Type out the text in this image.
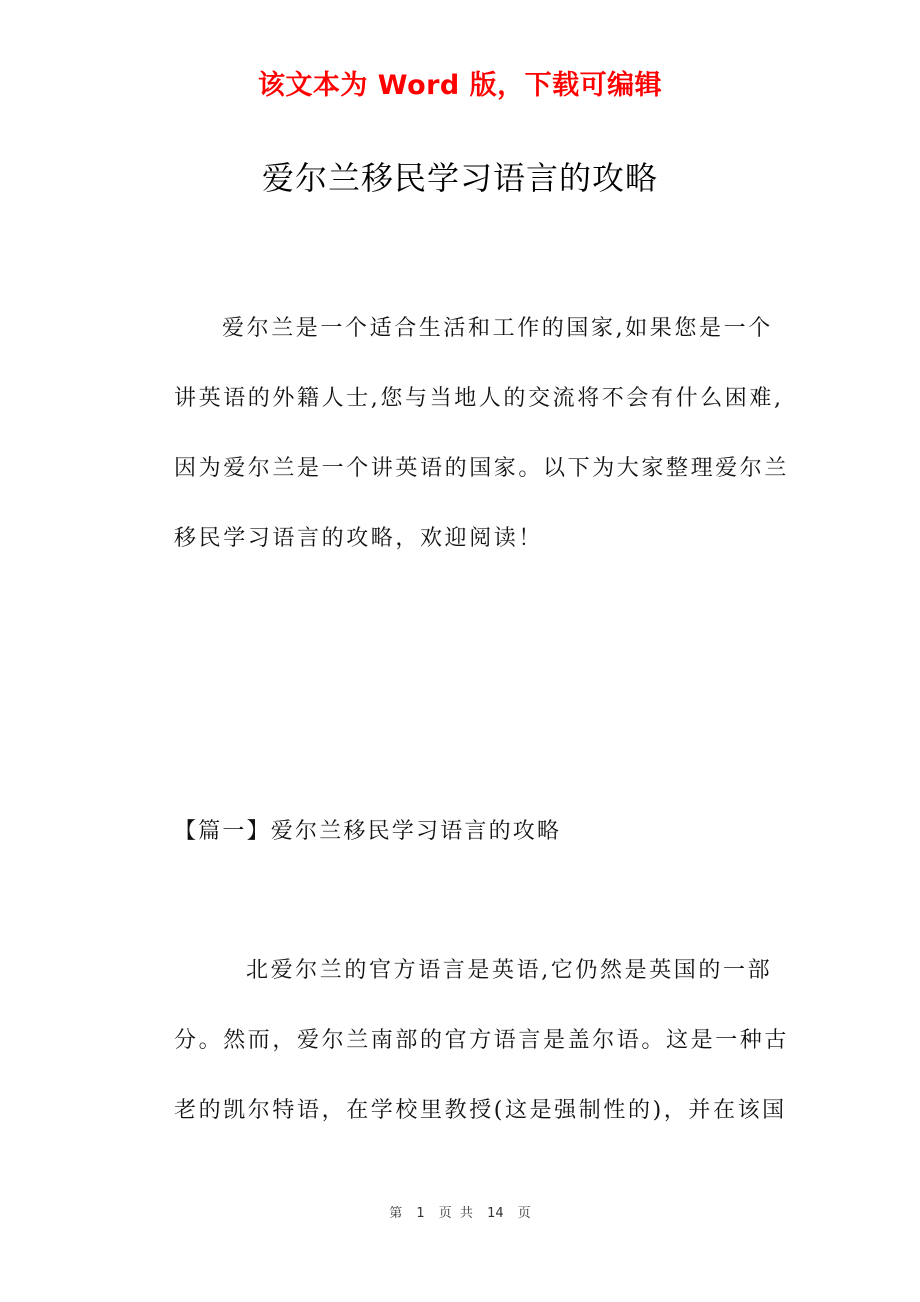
该文本为 Word 版，下载可编辑
爱尔兰移民学习语言的攻略
爱尔兰是一个适合生活和工作的国家,如果您是一个
讲英语的外籍人士,您与当地人的交流将不会有什么困难,
因为爱尔兰是一个讲英语的国家。以下为大家整理爱尔兰
移民学习语言的攻略，欢迎阅读！
【篇一】爱尔兰移民学习语言的攻略
北爱尔兰的官方语言是英语,它仍然是英国的一部
分。然而，爱尔兰南部的官方语言是盖尔语。这是一种古
老的凯尔特语，在学校里教授(这是强制性的)，并在该国
第 1 页 共 14 页
